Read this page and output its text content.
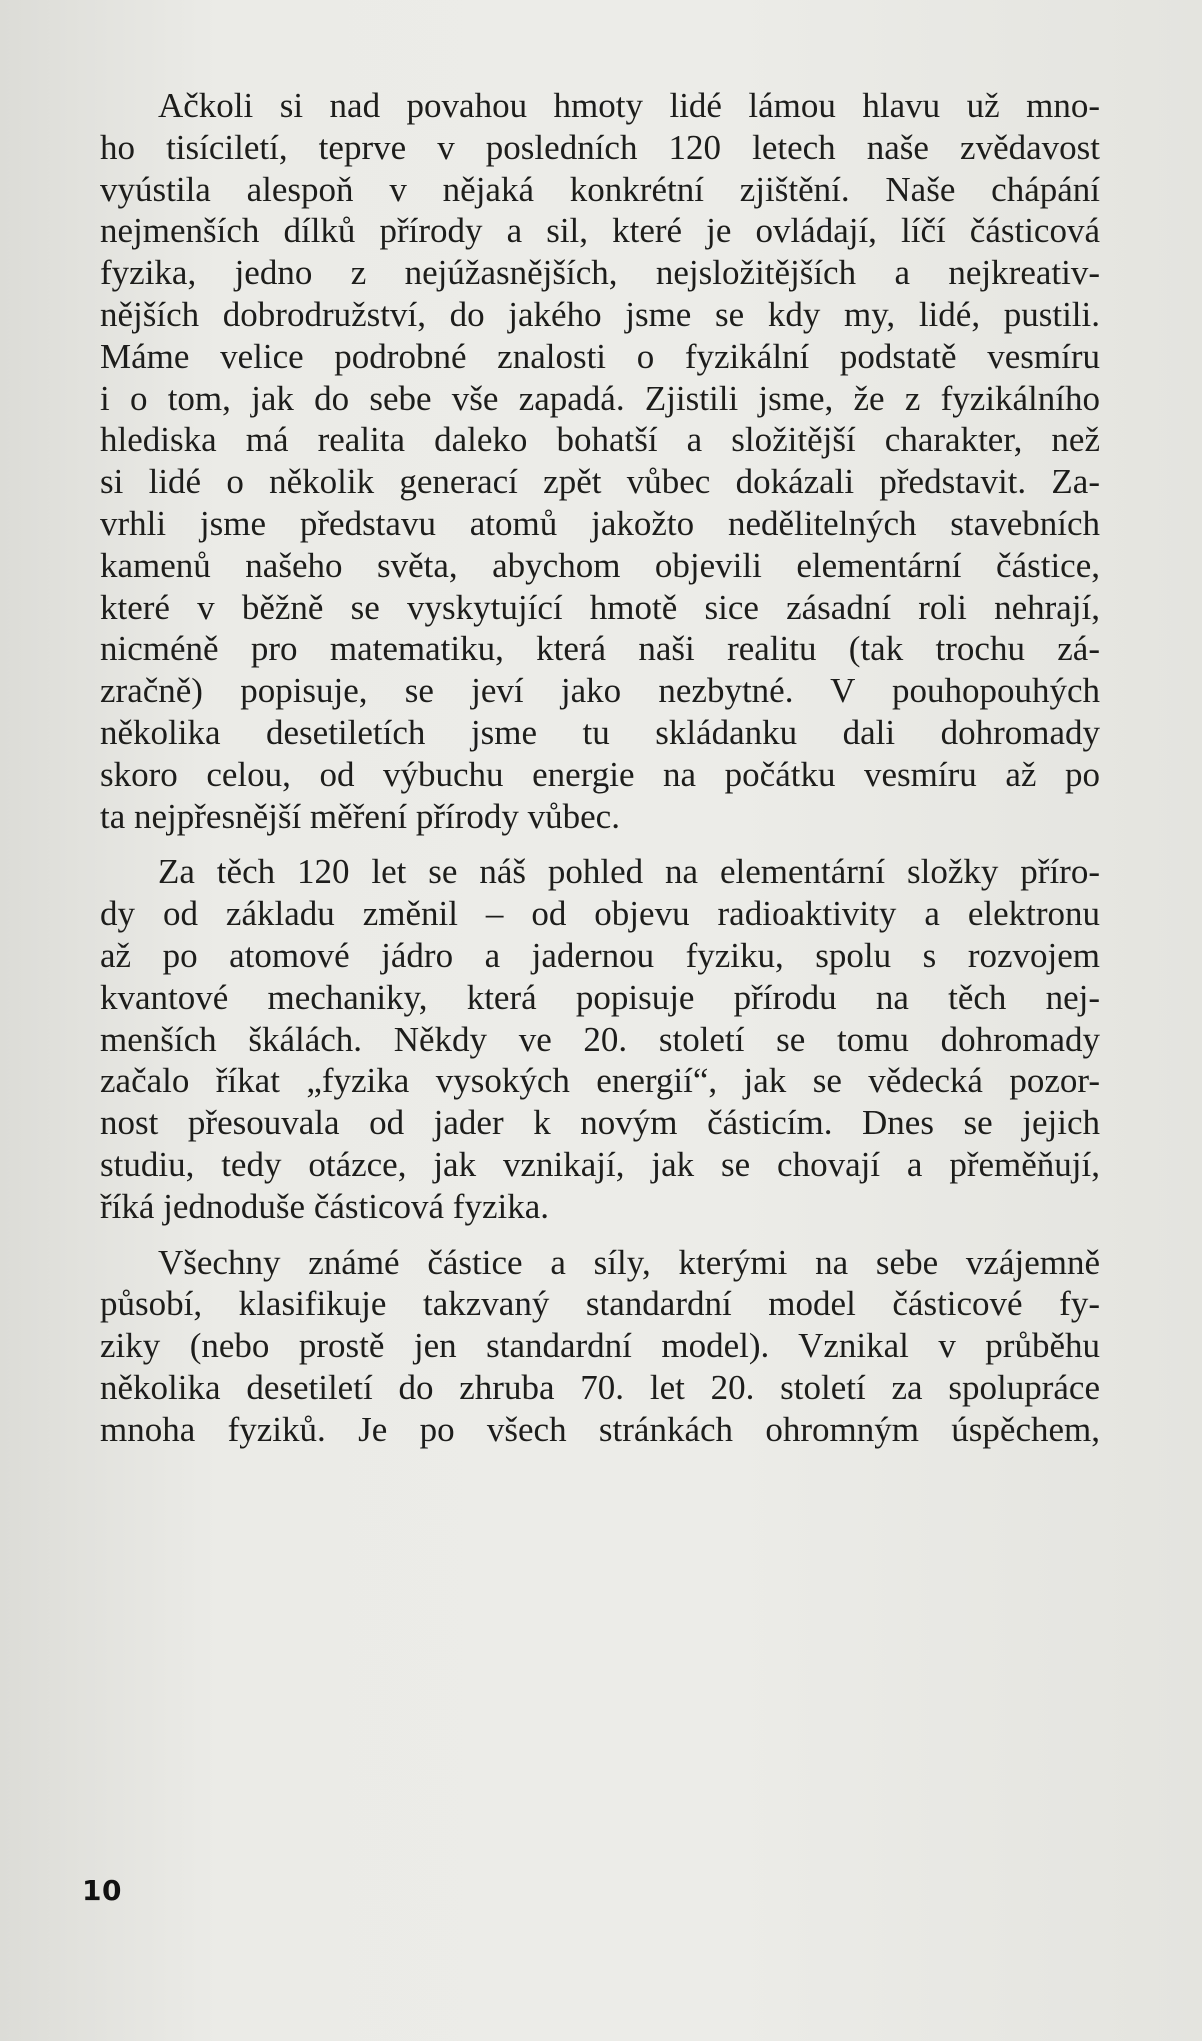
Ačkoli si nad povahou hmoty lidé lámou hlavu už mno-
ho tisíciletí, teprve v posledních 120 letech naše zvědavost
vyústila alespoň v nějaká konkrétní zjištění. Naše chápání
nejmenších dílků přírody a sil, které je ovládají, líčí částicová
fyzika, jedno z nejúžasnějších, nejsložitějších a nejkreativ-
nějších dobrodružství, do jakého jsme se kdy my, lidé, pustili.
Máme velice podrobné znalosti o fyzikální podstatě vesmíru
i o tom, jak do sebe vše zapadá. Zjistili jsme, že z fyzikálního
hlediska má realita daleko bohatší a složitější charakter, než
si lidé o několik generací zpět vůbec dokázali představit. Za-
vrhli jsme představu atomů jakožto nedělitelných stavebních
kamenů našeho světa, abychom objevili elementární částice,
které v běžně se vyskytující hmotě sice zásadní roli nehrají,
nicméně pro matematiku, která naši realitu (tak trochu zá-
zračně) popisuje, se jeví jako nezbytné. V pouhopouhých
několika desetiletích jsme tu skládanku dali dohromady
skoro celou, od výbuchu energie na počátku vesmíru až po
ta nejpřesnější měření přírody vůbec.
Za těch 120 let se náš pohled na elementární složky příro-
dy od základu změnil – od objevu radioaktivity a elektronu
až po atomové jádro a jadernou fyziku, spolu s rozvojem
kvantové mechaniky, která popisuje přírodu na těch nej-
menších škálách. Někdy ve 20. století se tomu dohromady
začalo říkat „fyzika vysokých energií“, jak se vědecká pozor-
nost přesouvala od jader k novým částicím. Dnes se jejich
studiu, tedy otázce, jak vznikají, jak se chovají a přeměňují,
říká jednoduše částicová fyzika.
Všechny známé částice a síly, kterými na sebe vzájemně
působí, klasifikuje takzvaný standardní model částicové fy-
ziky (nebo prostě jen standardní model). Vznikal v průběhu
několika desetiletí do zhruba 70. let 20. století za spolupráce
mnoha fyziků. Je po všech stránkách ohromným úspěchem,
10
